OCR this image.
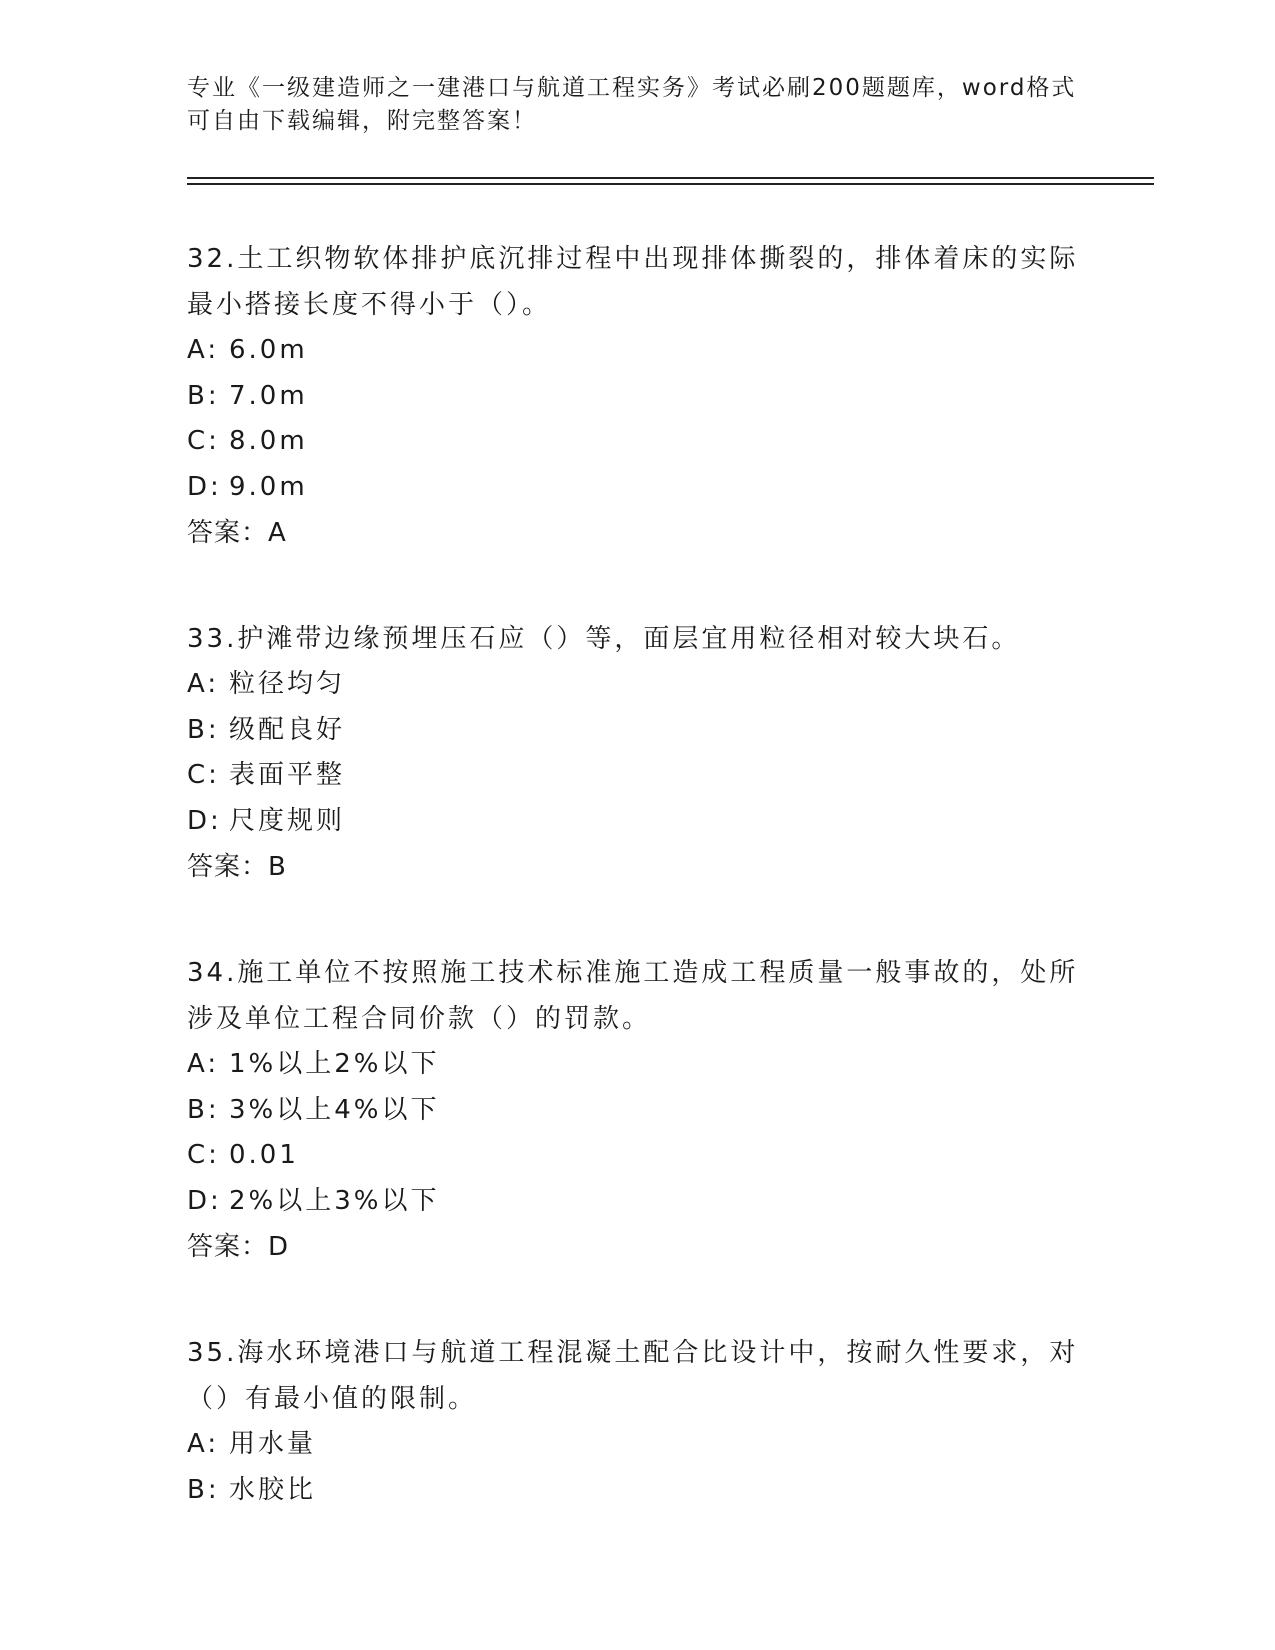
专业《一级建造师之一建港口与航道工程实务》考试必刷200题题库，word格式
可自由下载编辑，附完整答案！
32.土工织物软体排护底沉排过程中出现排体撕裂的，排体着床的实际
最小搭接长度不得小于（）。
A: 6.0m
B: 7.0m
C: 8.0m
D: 9.0m
答案：A
33.护滩带边缘预埋压石应（）等，面层宜用粒径相对较大块石。
A: 粒径均匀
B: 级配良好
C: 表面平整
D: 尺度规则
答案：B
34.施工单位不按照施工技术标准施工造成工程质量一般事故的，处所
涉及单位工程合同价款（）的罚款。
A: 1%以上2%以下
B: 3%以上4%以下
C: 0.01
D: 2%以上3%以下
答案：D
35.海水环境港口与航道工程混凝土配合比设计中，按耐久性要求，对
（）有最小值的限制。
A: 用水量
B: 水胶比
